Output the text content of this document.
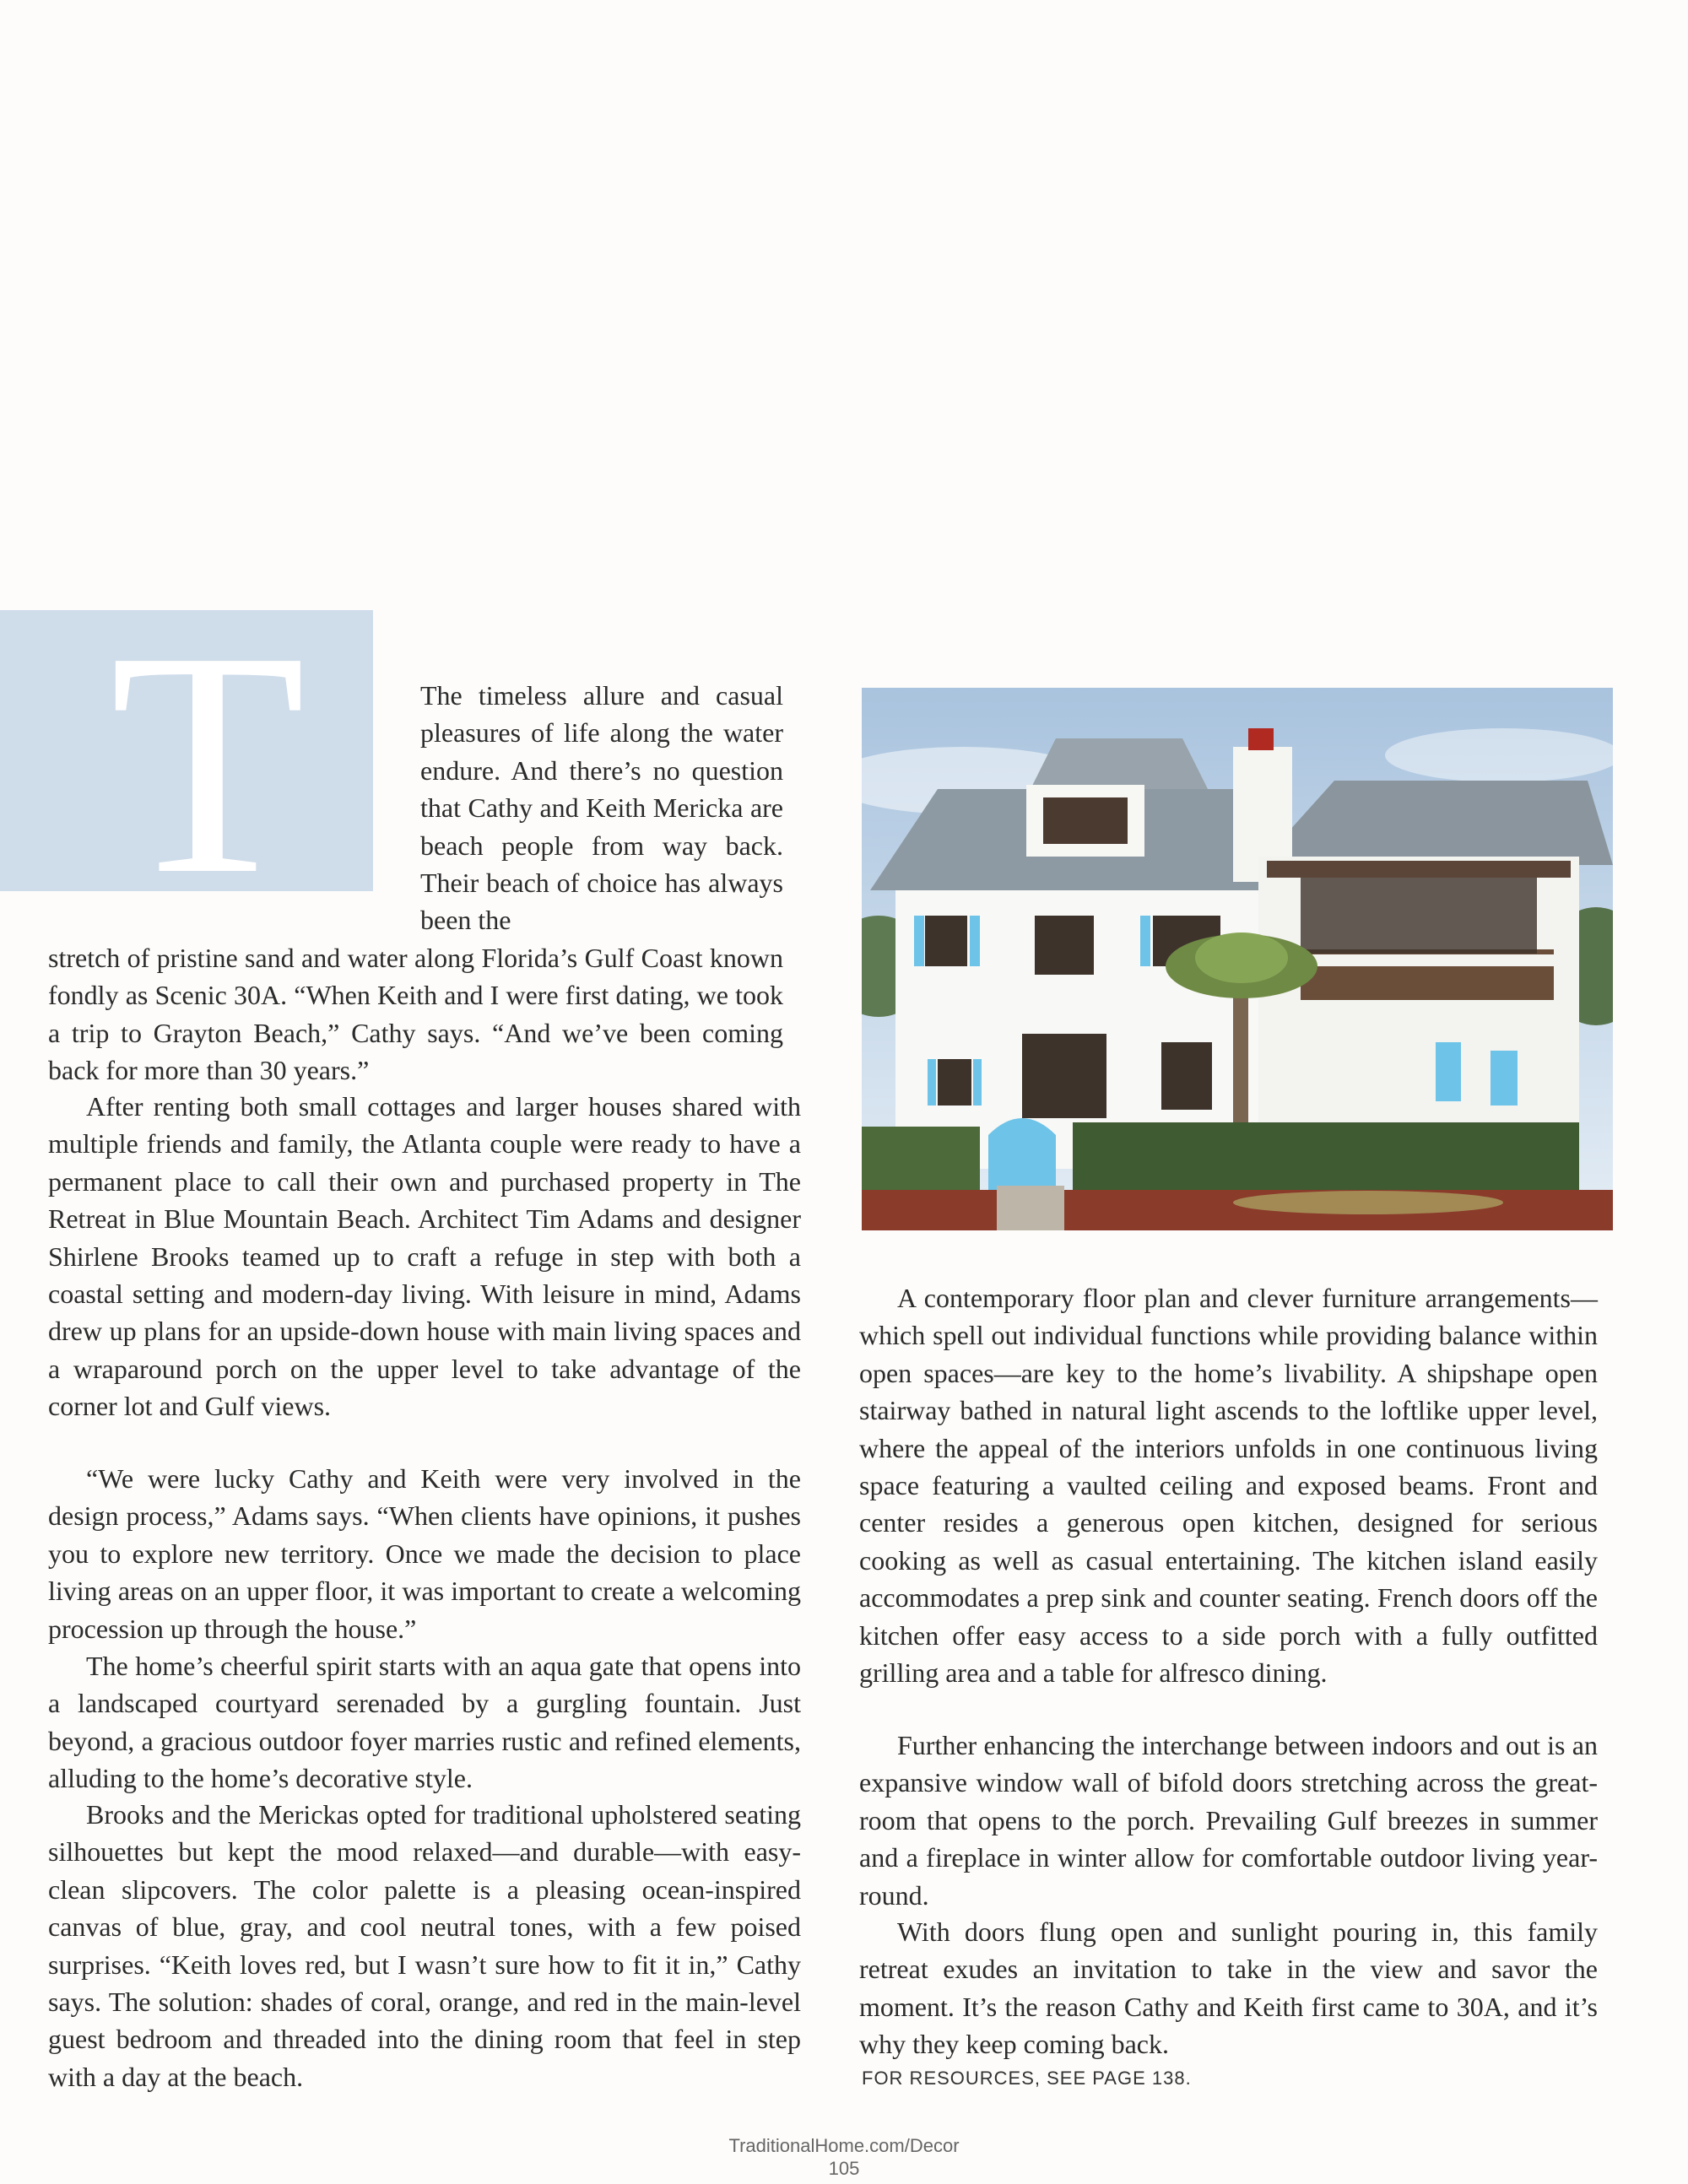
T	The timeless allure and casual pleasures of life along the water endure. And there’s no question that Cathy and Keith Mericka are beach people from way back. Their beach of choice has always been the

stretch of pristine sand and water along Florida’s Gulf Coast known fondly as Scenic 30A. “When Keith and I were first dating, we took a trip to Grayton Beach,” Cathy says. “And we’ve been coming back for more than 30 years.”

After renting both small cottages and larger houses shared with multiple friends and family, the Atlanta couple were ready to have a permanent place to call their own and purchased property in The Retreat in Blue Mountain Beach. Architect Tim Adams and designer Shirlene Brooks teamed up to craft a refuge in step with both a coastal setting and modern-day living. With leisure in mind, Adams drew up plans for an upside-down house with main living spaces and a wraparound porch on the upper level to take advantage of the corner lot and Gulf views.

“We were lucky Cathy and Keith were very involved in the design process,” Adams says. “When clients have opinions, it pushes you to explore new territory. Once we made the decision to place living areas on an upper floor, it was important to create a welcoming procession up through the house.”

The home’s cheerful spirit starts with an aqua gate that opens into a landscaped courtyard serenaded by a gurgling fountain. Just beyond, a gracious outdoor foyer marries rustic and refined elements, alluding to the home’s decorative style.

Brooks and the Merickas opted for traditional upholstered seating silhouettes but kept the mood relaxed—and durable—with easy-clean slipcovers. The color palette is a pleasing ocean-inspired canvas of blue, gray, and cool neutral tones, with a few poised surprises. “Keith loves red, but I wasn’t sure how to fit it in,” Cathy says. The solution: shades of coral, orange, and red in the main-level guest bedroom and threaded into the dining room that feel in step with a day at the beach.

A contemporary floor plan and clever furniture arrangements—which spell out individual functions while providing balance within open spaces—are key to the home’s livability. A shipshape open stairway bathed in natural light ascends to the loftlike upper level, where the appeal of the interiors unfolds in one continuous living space featuring a vaulted ceiling and exposed beams. Front and center resides a generous open kitchen, designed for serious cooking as well as casual entertaining. The kitchen island easily accommodates a prep sink and counter seating. French doors off the kitchen offer easy access to a side porch with a fully outfitted grilling area and a table for alfresco dining.

Further enhancing the interchange between indoors and out is an expansive window wall of bifold doors stretching across the great-room that opens to the porch. Prevailing Gulf breezes in summer and a fireplace in winter allow for comfortable outdoor living year-round.

With doors flung open and sunlight pouring in, this family retreat exudes an invitation to take in the view and savor the moment. It’s the reason Cathy and Keith first came to 30A, and it’s why they keep coming back.

FOR RESOURCES, SEE PAGE 138.

TraditionalHome.com/Decor

105
